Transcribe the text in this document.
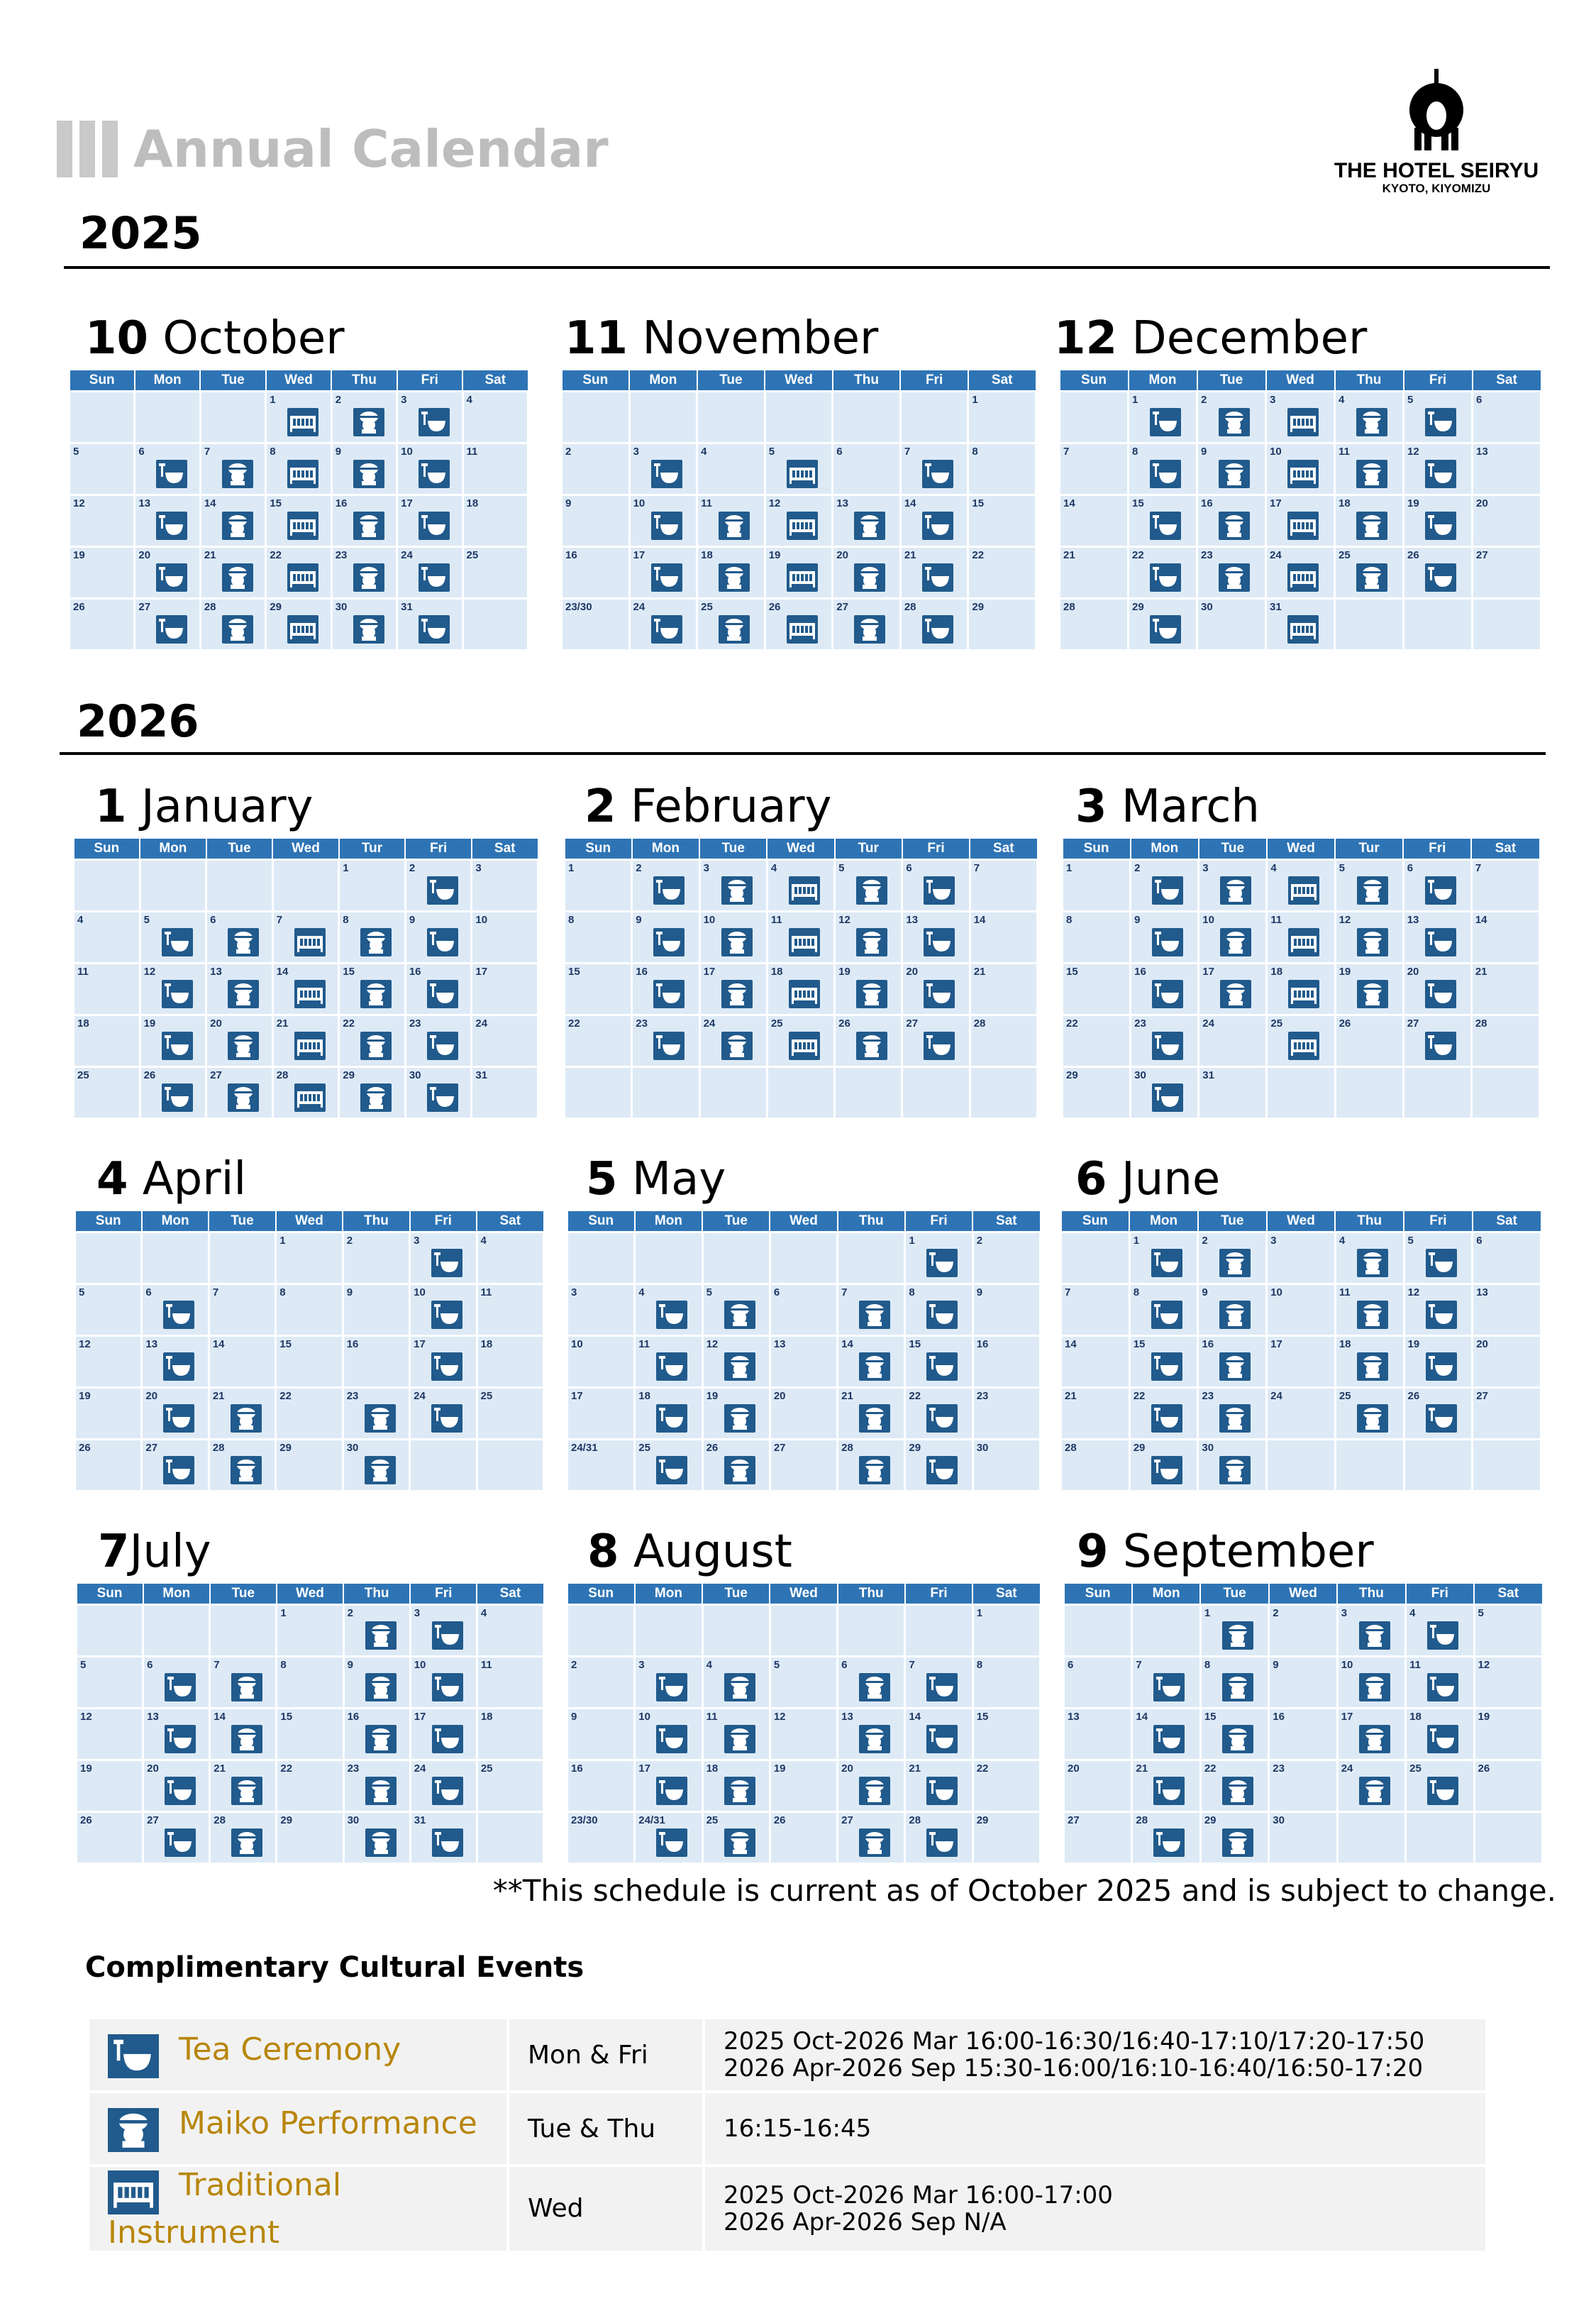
Annual Calendar	THE HOTEL SEIRYU
KYOTO, KIYOMIZU
2025
2026
10 October
Sun	Mon	Tue	Wed	Thu	Fri	Sat

			1	2	3	4

5	6	7	8	9	10	11

12	13	14	15	16	17	18

19	20	21	22	23	24	25

26	27	28	29	30	31	

11 November
Sun	Mon	Tue	Wed	Thu	Fri	Sat

						1

2	3	4	5	6	7	8

9	10	11	12	13	14	15

16	17	18	19	20	21	22

23/30	24	25	26	27	28	29
12 December
Sun	Mon	Tue	Wed	Thu	Fri	Sat

	1	2	3	4	5	6

7	8	9	10	11	12	13

14	15	16	17	18	19	20

21	22	23	24	25	26	27

28	29	30	31			

1 January
Sun	Mon	Tue	Wed	Tur	Fri	Sat

				1	2	3

4	5	6	7	8	9	10

11	12	13	14	15	16	17

18	19	20	21	22	23	24

25	26	27	28	29	30	31
2 February
Sun	Mon	Tue	Wed	Tur	Fri	Sat

1	2	3	4	5	6	7

8	9	10	11	12	13	14

15	16	17	18	19	20	21

22	23	24	25	26	27	28

3 March
Sun	Mon	Tue	Wed	Tur	Fri	Sat

1	2	3	4	5	6	7

8	9	10	11	12	13	14

15	16	17	18	19	20	21

22	23	24	25	26	27	28

29	30	31				

4 April
Sun	Mon	Tue	Wed	Thu	Fri	Sat

			1	2	3	4

5	6	7	8	9	10	11

12	13	14	15	16	17	18

19	20	21	22	23	24	25

26	27	28	29	30		

5 May
Sun	Mon	Tue	Wed	Thu	Fri	Sat

					1	2

3	4	5	6	7	8	9

10	11	12	13	14	15	16

17	18	19	20	21	22	23

24/31	25	26	27	28	29	30
6 June
Sun	Mon	Tue	Wed	Thu	Fri	Sat

	1	2	3	4	5	6

7	8	9	10	11	12	13

14	15	16	17	18	19	20

21	22	23	24	25	26	27

28	29	30				

7July
Sun	Mon	Tue	Wed	Thu	Fri	Sat

			1	2	3	4

5	6	7	8	9	10	11

12	13	14	15	16	17	18

19	20	21	22	23	24	25

26	27	28	29	30	31	

8 August
Sun	Mon	Tue	Wed	Thu	Fri	Sat

						1

2	3	4	5	6	7	8

9	10	11	12	13	14	15

16	17	18	19	20	21	22

23/30	24/31	25	26	27	28	29
9 September
Sun	Mon	Tue	Wed	Thu	Fri	Sat

		1	2	3	4	5

6	7	8	9	10	11	12

13	14	15	16	17	18	19

20	21	22	23	24	25	26

27	28	29	30			

**This schedule is current as of October 2025 and is subject to change.
Complimentary Cultural Events
Tea Ceremony	Mon & Fri	2025 Oct-2026 Mar 16:00-16:30/16:40-17:10/17:20-17:50
2026 Apr-2026 Sep 15:30-16:00/16:10-16:40/16:50-17:20

Maiko Performance	Tue & Thu	16:15-16:45

Traditional Instrument	Wed	2025 Oct-2026 Mar 16:00-17:00
2026 Apr-2026 Sep N/A
